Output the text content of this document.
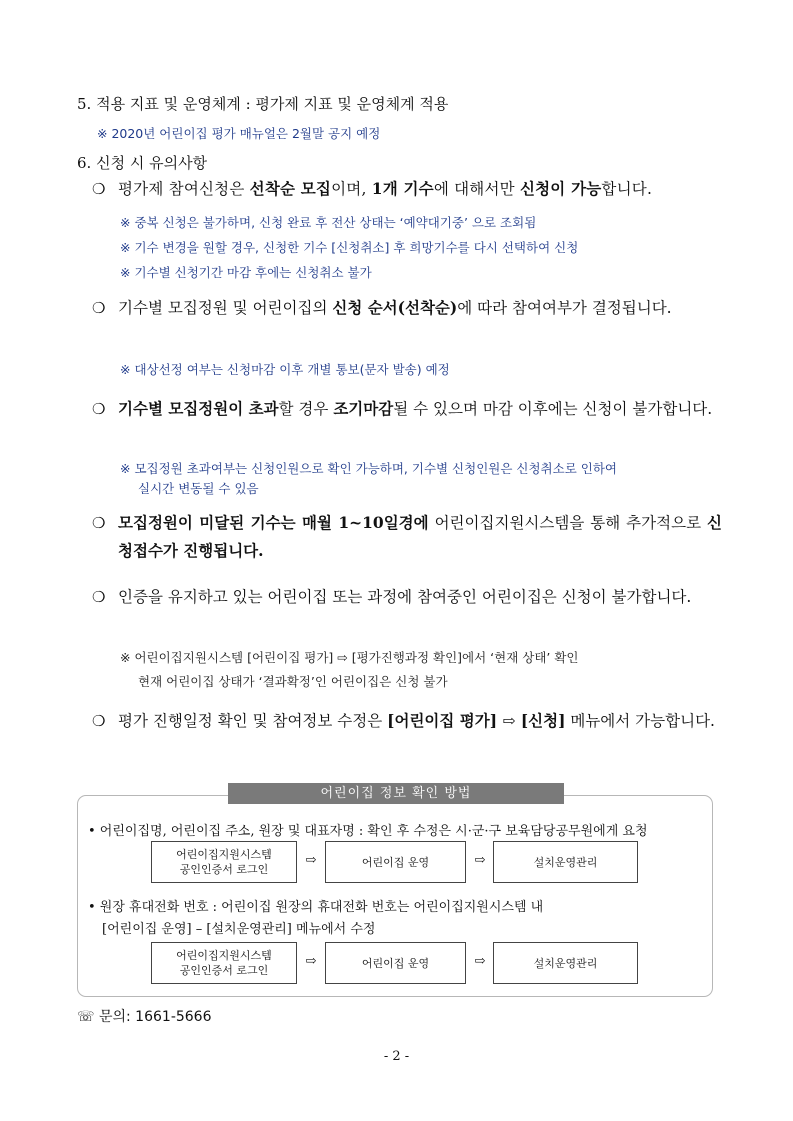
5. 적용 지표 및 운영체계 : 평가제 지표 및 운영체계 적용
※ 2020년 어린이집 평가 매뉴얼은 2월말 공지 예정
6. 신청 시 유의사항
❍ 평가제 참여신청은 선착순 모집이며, 1개 기수에 대해서만 신청이 가능합니다.
※ 중복 신청은 불가하며, 신청 완료 후 전산 상태는 ‘예약대기중’ 으로 조회됨
※ 기수 변경을 원할 경우, 신청한 기수 [신청취소] 후 희망기수를 다시 선택하여 신청
※ 기수별 신청기간 마감 후에는 신청취소 불가
❍ 기수별 모집정원 및 어린이집의 신청 순서(선착순)에 따라 참여여부가 결정됩니다.
※ 대상선정 여부는 신청마감 이후 개별 통보(문자 발송) 예정
❍ 기수별 모집정원이 초과할 경우 조기마감될 수 있으며 마감 이후에는 신청이 불가합니다.
※ 모집정원 초과여부는 신청인원으로 확인 가능하며, 기수별 신청인원은 신청취소로 인하여
실시간 변동될 수 있음
❍ 모집정원이 미달된 기수는 매월 1~10일경에 어린이집지원시스템을 통해 추가적으로 신청접수가 진행됩니다.
❍ 인증을 유지하고 있는 어린이집 또는 과정에 참여중인 어린이집은 신청이 불가합니다.
※ 어린이집지원시스템 [어린이집 평가] ⇨ [평가진행과정 확인]에서 ‘현재 상태’ 확인
현재 어린이집 상태가 ‘결과확정’인 어린이집은 신청 불가
❍ 평가 진행일정 확인 및 참여정보 수정은 [어린이집 평가] ⇨ [신청] 메뉴에서 가능합니다.
어린이집 정보 확인 방법
• 어린이집명, 어린이집 주소, 원장 및 대표자명 : 확인 후 수정은 시·군·구 보육담당공무원에게 요청
어린이집지원시스템
공인인증서 로그인
⇨	어린이집 운영	⇨	설치운영관리
• 원장 휴대전화 번호 : 어린이집 원장의 휴대전화 번호는 어린이집지원시스템 내
[어린이집 운영] – [설치운영관리] 메뉴에서 수정
어린이집지원시스템
공인인증서 로그인
⇨	어린이집 운영	⇨	설치운영관리
☏ 문의: 1661-5666
- 2 -
